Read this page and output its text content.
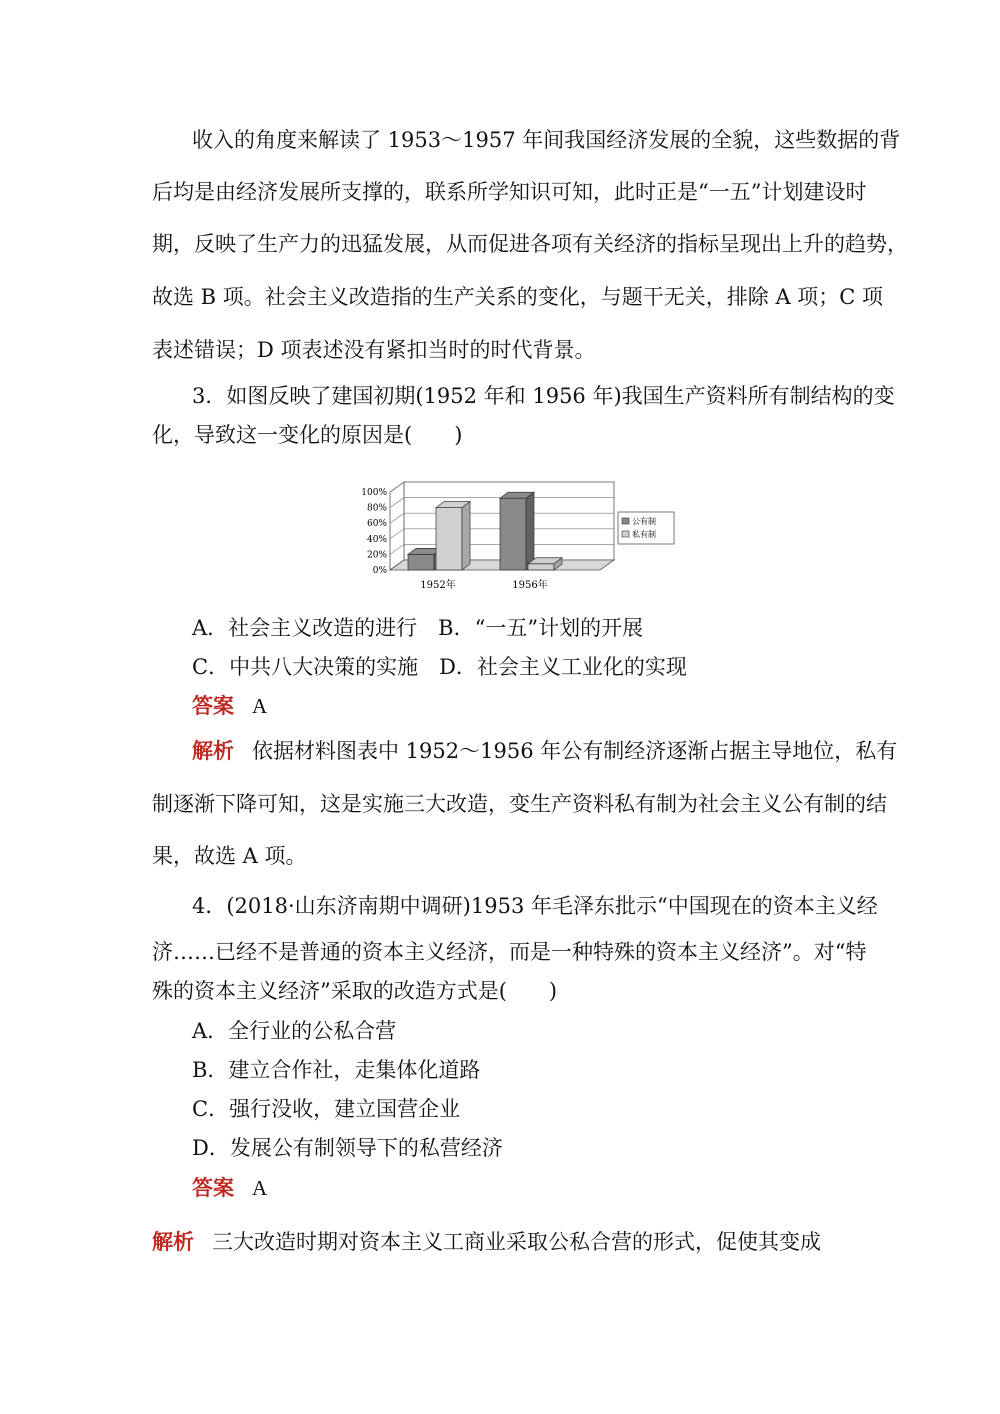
收入的角度来解读了 1953～1957 年间我国经济发展的全貌，这些数据的背
后均是由经济发展所支撑的，联系所学知识可知，此时正是“一五”计划建设时
期，反映了生产力的迅猛发展，从而促进各项有关经济的指标呈现出上升的趋势，
故选 B 项。社会主义改造指的生产关系的变化，与题干无关，排除 A 项；C 项
表述错误；D 项表述没有紧扣当时的时代背景。
3．如图反映了建国初期(1952 年和 1956 年)我国生产资料所有制结构的变
化，导致这一变化的原因是(　　)
0%
20%
40%
60%
80%
100%
1952年	1956年
公有制
私有制
A．社会主义改造的进行　B．“一五”计划的开展
C．中共八大决策的实施　D．社会主义工业化的实现
答案 A
解析 依据材料图表中 1952～1956 年公有制经济逐渐占据主导地位，私有
制逐渐下降可知，这是实施三大改造，变生产资料私有制为社会主义公有制的结
果，故选 A 项。
4．(2018·山东济南期中调研)1953 年毛泽东批示“中国现在的资本主义经
济……已经不是普通的资本主义经济，而是一种特殊的资本主义经济”。对“特
殊的资本主义经济”采取的改造方式是(　　)
A．全行业的公私合营
B．建立合作社，走集体化道路
C．强行没收，建立国营企业
D．发展公有制领导下的私营经济
答案 A
解析 三大改造时期对资本主义工商业采取公私合营的形式，促使其变成
